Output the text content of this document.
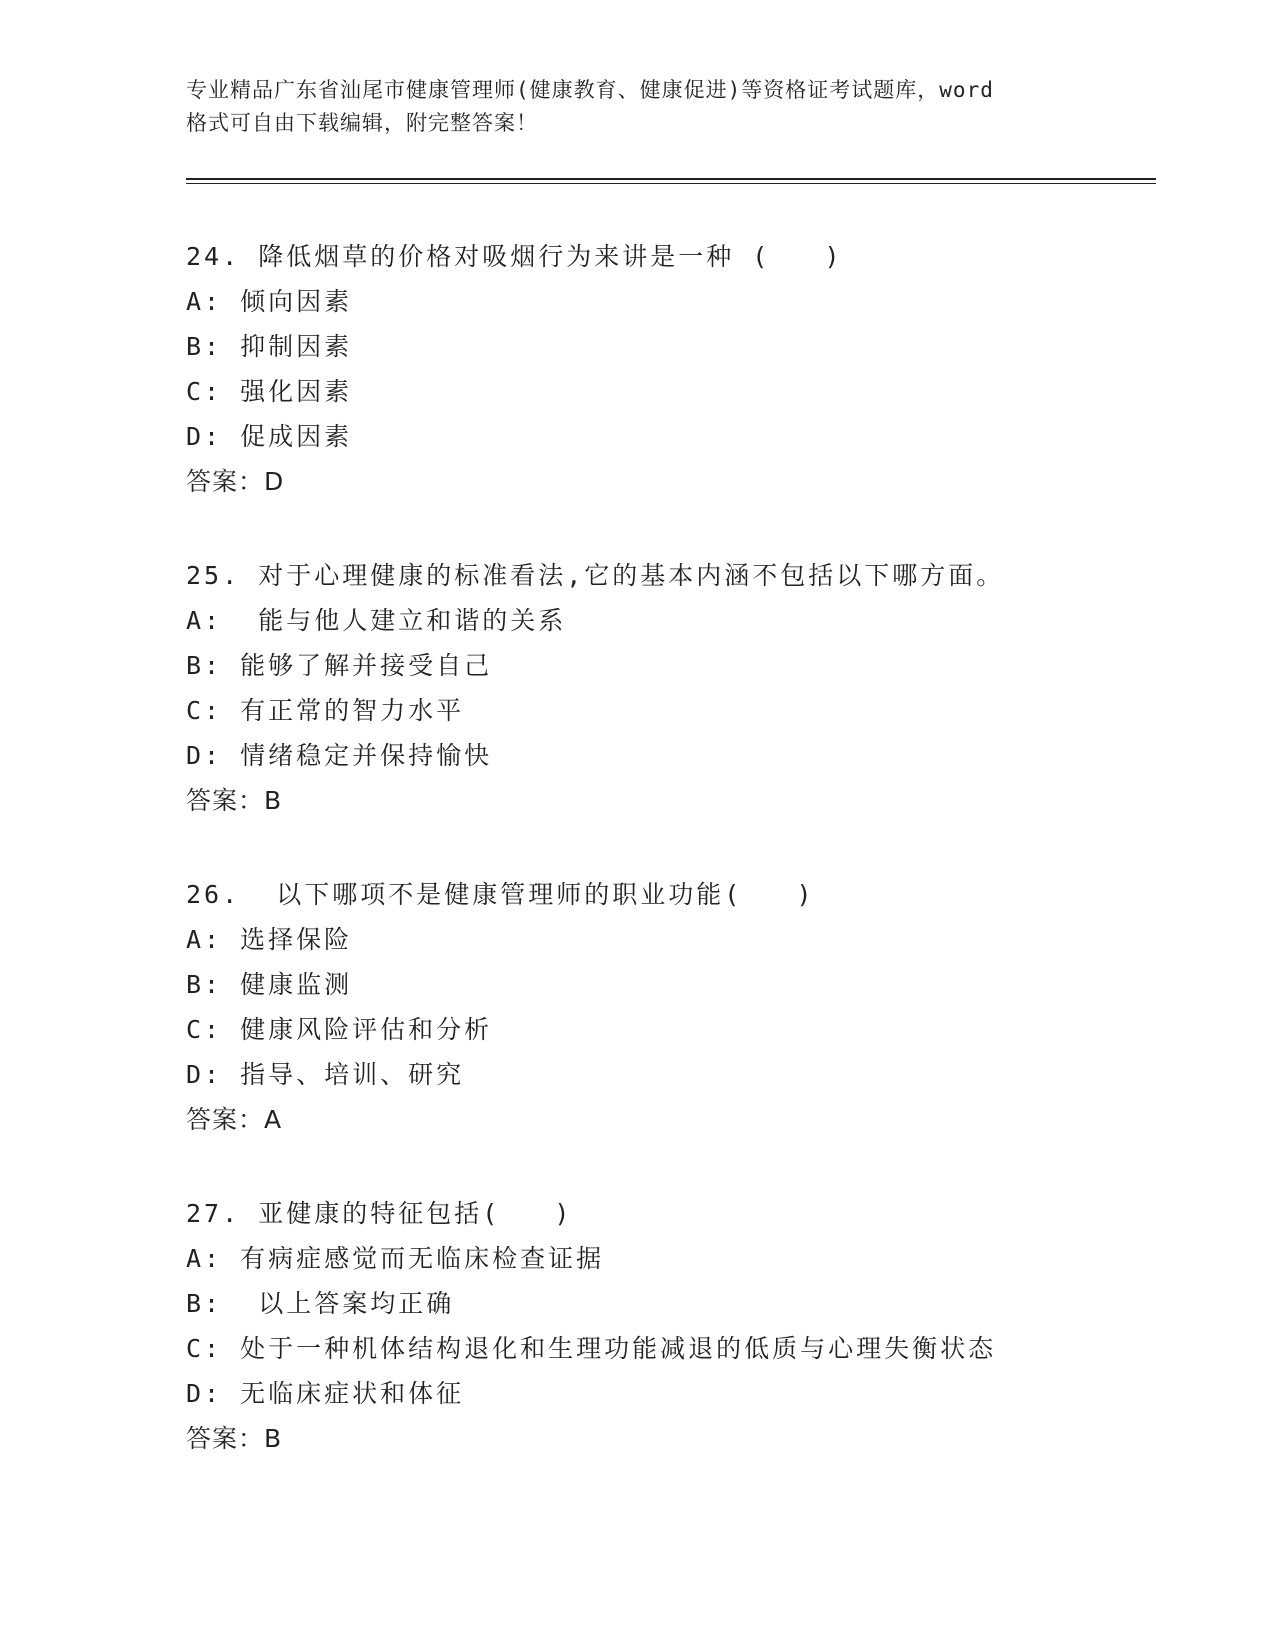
专业精品广东省汕尾市健康管理师(健康教育、健康促进)等资格证考试题库，word
格式可自由下载编辑，附完整答案！
24. 降低烟草的价格对吸烟行为来讲是一种 (   )
A: 倾向因素
B: 抑制因素
C: 强化因素
D: 促成因素
答案：D
25. 对于心理健康的标准看法,它的基本内涵不包括以下哪方面。
A:  能与他人建立和谐的关系
B: 能够了解并接受自己
C: 有正常的智力水平
D: 情绪稳定并保持愉快
答案：B
26.  以下哪项不是健康管理师的职业功能(   )
A: 选择保险
B: 健康监测
C: 健康风险评估和分析
D: 指导、培训、研究
答案：A
27. 亚健康的特征包括(   )
A: 有病症感觉而无临床检查证据
B:  以上答案均正确
C: 处于一种机体结构退化和生理功能减退的低质与心理失衡状态
D: 无临床症状和体征
答案：B
